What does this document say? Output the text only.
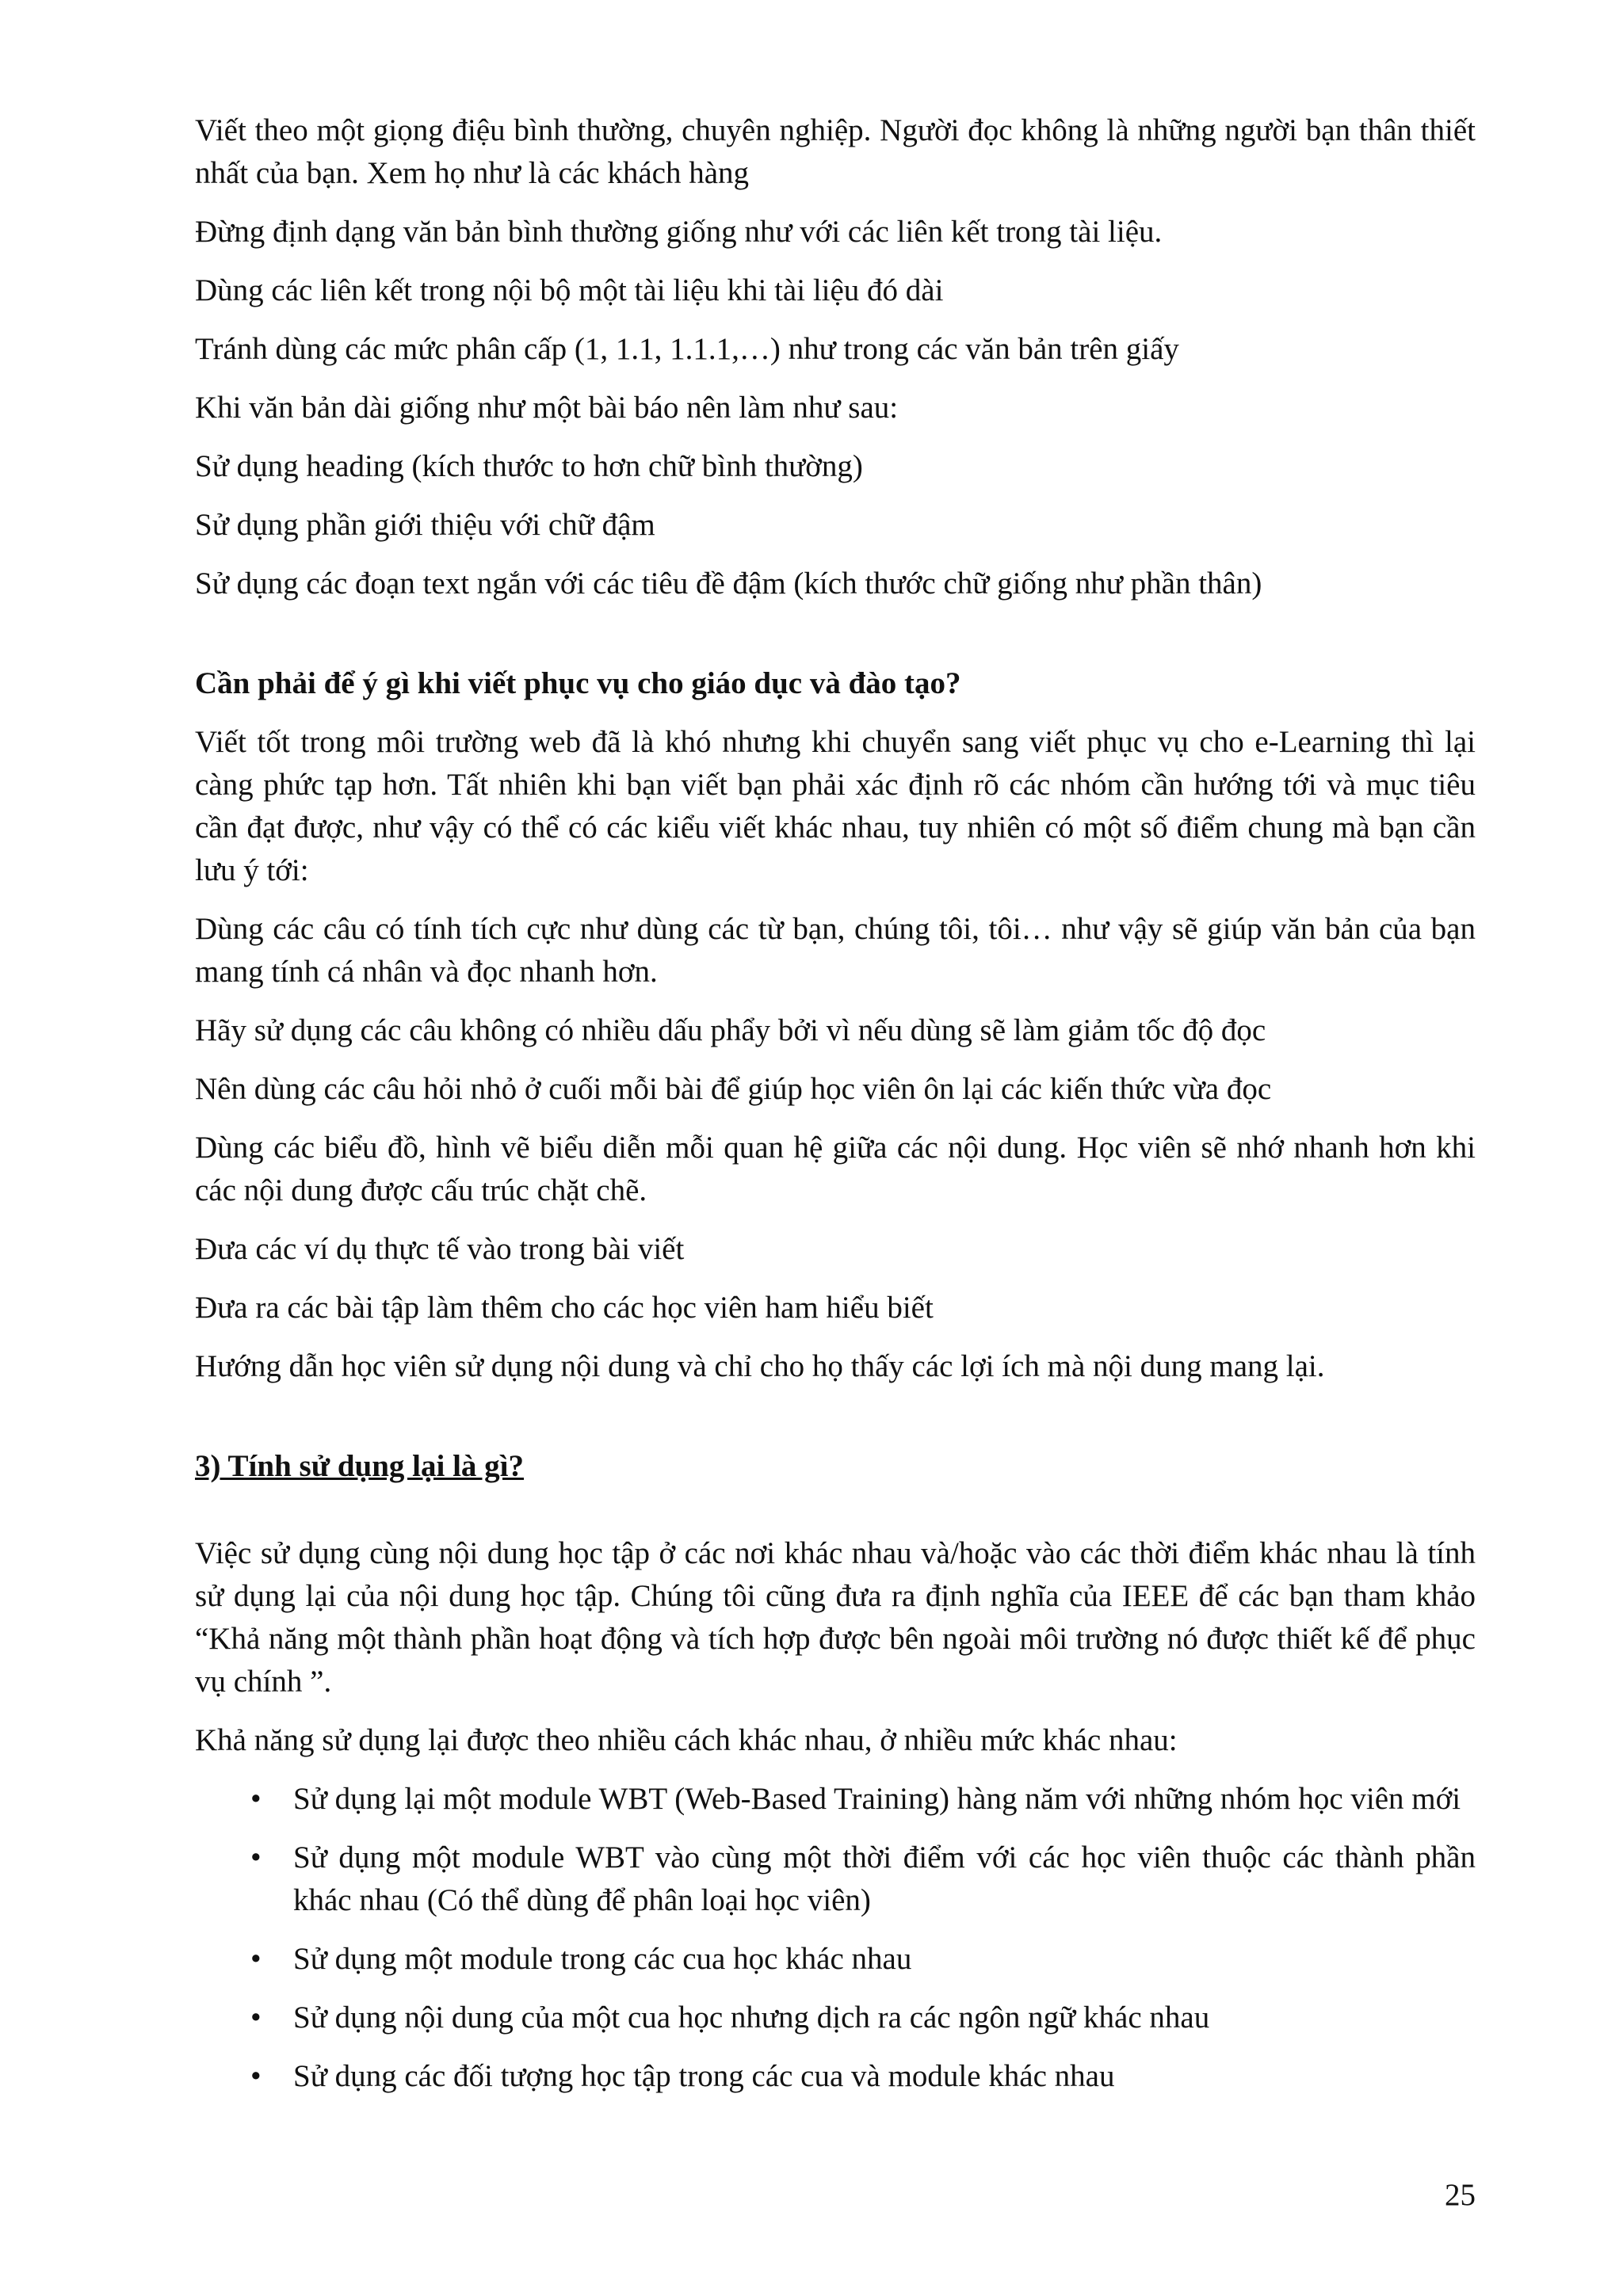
Viết theo một giọng điệu bình thường, chuyên nghiệp. Người đọc không là những người bạn thân thiết nhất của bạn. Xem họ như là các khách hàng

Đừng định dạng văn bản bình thường giống như với các liên kết trong tài liệu.

Dùng các liên kết trong nội bộ một tài liệu khi tài liệu đó dài

Tránh dùng các mức phân cấp (1, 1.1, 1.1.1,…) như trong các văn bản trên giấy

Khi văn bản dài giống như một bài báo nên làm như sau:

Sử dụng heading (kích thước to hơn chữ bình thường)

Sử dụng phần giới thiệu với chữ đậm

Sử dụng các đoạn text ngắn với các tiêu đề đậm (kích thước chữ giống như phần thân)

Cần phải để ý gì khi viết phục vụ cho giáo dục và đào tạo?

Viết tốt trong môi trường web đã là khó nhưng khi chuyển sang viết phục vụ cho e-Learning thì lại càng phức tạp hơn. Tất nhiên khi bạn viết bạn phải xác định rõ các nhóm cần hướng tới và mục tiêu cần đạt được, như vậy có thể có các kiểu viết khác nhau, tuy nhiên có một số điểm chung mà bạn cần lưu ý tới:

Dùng các câu có tính tích cực như dùng các từ bạn, chúng tôi, tôi… như vậy sẽ giúp văn bản của bạn mang tính cá nhân và đọc nhanh hơn.

Hãy sử dụng các câu không có nhiều dấu phẩy bởi vì nếu dùng sẽ làm giảm tốc độ đọc

Nên dùng các câu hỏi nhỏ ở cuối mỗi bài để giúp học viên ôn lại các kiến thức vừa đọc

Dùng các biểu đồ, hình vẽ biểu diễn mỗi quan hệ giữa các nội dung. Học viên sẽ nhớ nhanh hơn khi các nội dung được cấu trúc chặt chẽ.

Đưa các ví dụ thực tế vào trong bài viết

Đưa ra các bài tập làm thêm cho các học viên ham hiểu biết

Hướng dẫn học viên sử dụng nội dung và chỉ cho họ thấy các lợi ích mà nội dung mang lại.

3) Tính sử dụng lại là gì?

Việc sử dụng cùng nội dung học tập ở các nơi khác nhau và/hoặc vào các thời điểm khác nhau là tính sử dụng lại của nội dung học tập. Chúng tôi cũng đưa ra định nghĩa của IEEE để các bạn tham khảo “Khả năng một thành phần hoạt động và tích hợp được bên ngoài môi trường nó được thiết kế để phục vụ chính ”.

Khả năng sử dụng lại được theo nhiều cách khác nhau, ở nhiều mức khác nhau:

• Sử dụng lại một module WBT (Web-Based Training) hàng năm với những nhóm học viên mới
• Sử dụng một module WBT vào cùng một thời điểm với các học viên thuộc các thành phần khác nhau (Có thể dùng để phân loại học viên)
• Sử dụng một module trong các cua học khác nhau
• Sử dụng nội dung của một cua học nhưng dịch ra các ngôn ngữ khác nhau
• Sử dụng các đối tượng học tập trong các cua và module khác nhau
25
